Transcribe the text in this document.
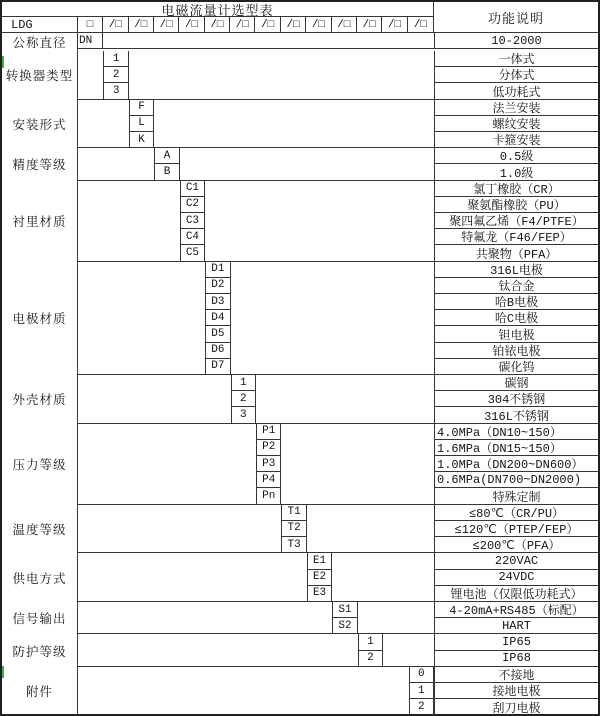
电磁流量计选型表
LDG	□	/□	/□	/□	/□	/□	/□	/□	/□	/□	/□	/□	/□	/□	功能说明
公称直径	DN	10-2000
转换器类型
1	一体式
2	分体式
3	低功耗式
安装形式
F	法兰安装
L	螺纹安装
K	卡箍安装
精度等级
A	0.5级
B	1.0级
衬里材质
C1	氯丁橡胶（CR）
C2	聚氨酯橡胶（PU）
C3	聚四氟乙烯（F4/PTFE）
C4	特氟龙（F46/FEP）
C5	共聚物（PFA）
电极材质
D1	316L电极
D2	钛合金
D3	哈B电极
D4	哈C电极
D5	钽电极
D6	铂铱电极
D7	碳化钨
外壳材质
1	碳钢
2	304不锈钢
3	316L不锈钢
压力等级
P1	4.0MPa（DN10~150）
P2	1.6MPa（DN15~150）
P3	1.0MPa（DN200~DN600）
P4	0.6MPa(DN700~DN2000)
Pn	特殊定制
温度等级
T1	≤80℃（CR/PU）
T2	≤120℃（PTEP/FEP）
T3	≤200℃（PFA）
供电方式
E1	220VAC
E2	24VDC
E3	锂电池（仅限低功耗式）
信号输出
S1	4-20mA+RS485（标配）
S2	HART
防护等级
1	IP65
2	IP68
附件
0	不接地
1	接地电极
2	刮刀电极
